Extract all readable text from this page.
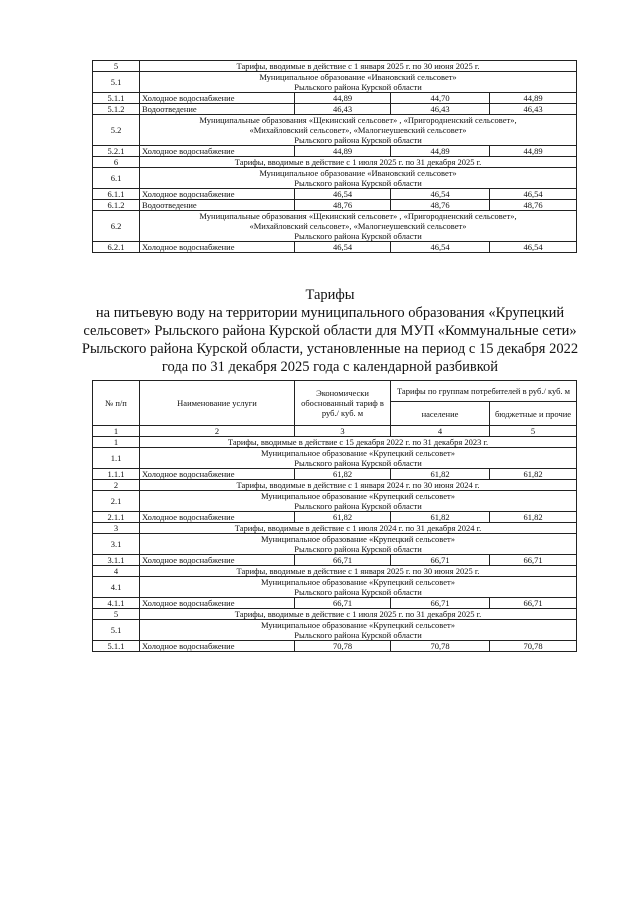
5	Тарифы, вводимые в действие с 1 января 2025 г. по 30 июня 2025 г.			
5.1	Муниципальное образование «Ивановский сельсовет»
Рыльского района Курской области			

5.1.1	Холодное водоснабжение	44,89	44,70	44,89
5.1.2	Водоотведение	46,43	46,43	46,43
5.2	Муниципальные образования «Щекинский сельсовет» , «Пригородненский сельсовет»,
«Михайловский сельсовет», «Малогнеушевский сельсовет»
Рыльского района Курской области			

5.2.1	Холодное водоснабжение	44,89	44,89	44,89
6	Тарифы, вводимые в действие с 1 июля 2025 г. по 31 декабря 2025 г.			
6.1	Муниципальное образование «Ивановский сельсовет»
Рыльского района Курской области			

6.1.1	Холодное водоснабжение	46,54	46,54	46,54
6.1.2	Водоотведение	48,76	48,76	48,76
6.2	Муниципальные образования «Щекинский сельсовет» , «Пригородненский сельсовет»,
«Михайловский сельсовет», «Малогнеушевский сельсовет»
Рыльского района Курской области			

6.2.1	Холодное водоснабжение	46,54	46,54	46,54
Тарифы
на питьевую воду на территории муниципального образования «Крупецкий
сельсовет» Рыльского района Курской области для МУП «Коммунальные сети»
Рыльского района Курской области, установленные на период с 15 декабря 2022
года по 31 декабря 2025 года с календарной разбивкой
№ п/п	Наименование услуги	Экономически обоснованный тариф в руб./ куб. м	Тарифы по группам потребителей в руб./ куб. м	
			население	бюджетные и прочие
1	2	3	4	5
1	Тарифы, вводимые в действие с 15 декабря 2022 г. по 31 декабря 2023 г.			
1.1	Муниципальное образование «Крупецкий сельсовет»
Рыльского района Курской области			

1.1.1	Холодное водоснабжение	61,82	61,82	61,82
2	Тарифы, вводимые в действие с 1 января 2024 г. по 30 июня 2024 г.			
2.1	Муниципальное образование «Крупецкий сельсовет»
Рыльского района Курской области			

2.1.1	Холодное водоснабжение	61,82	61,82	61,82
3	Тарифы, вводимые в действие с 1 июля 2024 г. по 31 декабря 2024 г.			
3.1	Муниципальное образование «Крупецкий сельсовет»
Рыльского района Курской области			

3.1.1	Холодное водоснабжение	66,71	66,71	66,71
4	Тарифы, вводимые в действие с 1 января 2025 г. по 30 июня 2025 г.			
4.1	Муниципальное образование «Крупецкий сельсовет»
Рыльского района Курской области			

4.1.1	Холодное водоснабжение	66,71	66,71	66,71
5	Тарифы, вводимые в действие с 1 июля 2025 г. по 31 декабря 2025 г.			
5.1	Муниципальное образование «Крупецкий сельсовет»
Рыльского района Курской области			

5.1.1	Холодное водоснабжение	70,78	70,78	70,78
